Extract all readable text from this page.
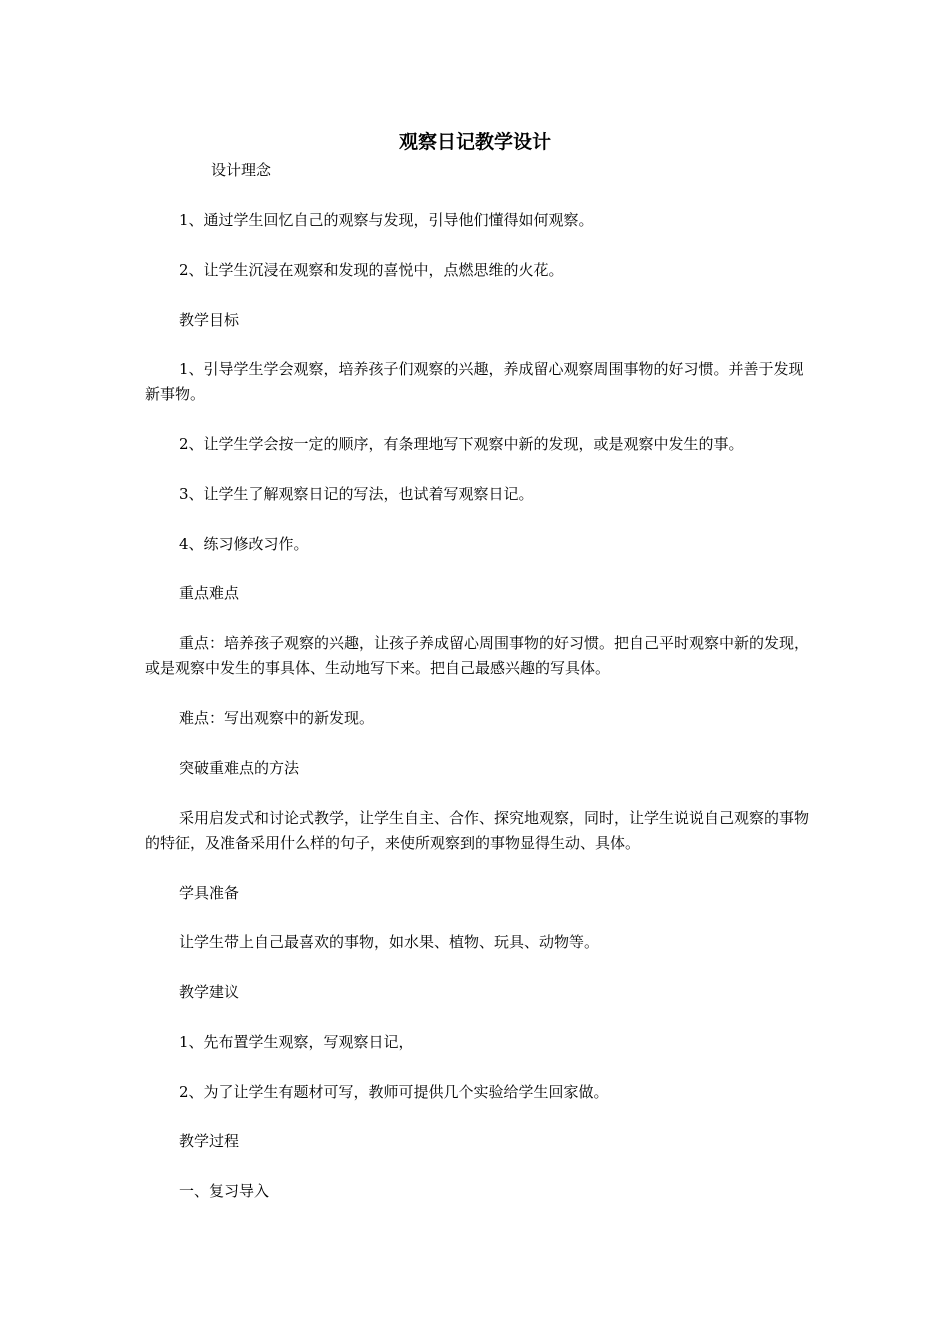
观察日记教学设计

设计理念

1、通过学生回忆自己的观察与发现，引导他们懂得如何观察。

2、让学生沉浸在观察和发现的喜悦中，点燃思维的火花。

教学目标

1、引导学生学会观察，培养孩子们观察的兴趣，养成留心观察周围事物的好习惯。并善于发现新事物。

2、让学生学会按一定的顺序，有条理地写下观察中新的发现，或是观察中发生的事。

3、让学生了解观察日记的写法，也试着写观察日记。

4、练习修改习作。

重点难点

重点：培养孩子观察的兴趣，让孩子养成留心周围事物的好习惯。把自己平时观察中新的发现，或是观察中发生的事具体、生动地写下来。把自己最感兴趣的写具体。

难点：写出观察中的新发现。

突破重难点的方法

采用启发式和讨论式教学，让学生自主、合作、探究地观察，同时，让学生说说自己观察的事物的特征，及准备采用什么样的句子，来使所观察到的事物显得生动、具体。

学具准备

让学生带上自己最喜欢的事物，如水果、植物、玩具、动物等。

教学建议

1、先布置学生观察，写观察日记，

2、为了让学生有题材可写，教师可提供几个实验给学生回家做。

教学过程

一、复习导入
